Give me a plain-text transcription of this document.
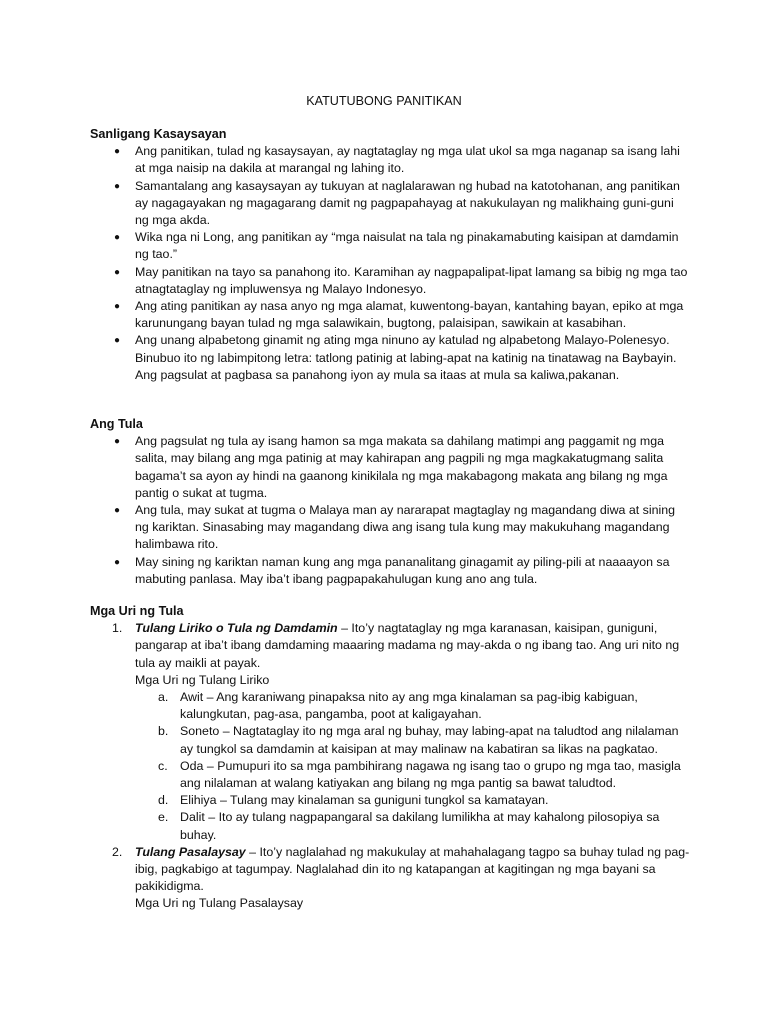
KATUTUBONG PANITIKAN
Sanligang Kasaysayan
● Ang panitikan, tulad ng kasaysayan, ay nagtataglay ng mga ulat ukol sa mga naganap sa isang lahi at mga naisip na dakila at marangal ng lahing ito.
● Samantalang ang kasaysayan ay tukuyan at naglalarawan ng hubad na katotohanan, ang panitikan ay nagagayakan ng magagarang damit ng pagpapahayag at nakukulayan ng malikhaing guni-guni ng mga akda.
● Wika nga ni Long, ang panitikan ay “mga naisulat na tala ng pinakamabuting kaisipan at damdamin ng tao.”
● May panitikan na tayo sa panahong ito. Karamihan ay nagpapalipat-lipat lamang sa bibig ng mga tao atnagtataglay ng impluwensya ng Malayo Indonesyo.
● Ang ating panitikan ay nasa anyo ng mga alamat, kuwentong-bayan, kantahing bayan, epiko at mga karunungang bayan tulad ng mga salawikain, bugtong, palaisipan, sawikain at kasabihan.
● Ang unang alpabetong ginamit ng ating mga ninuno ay katulad ng alpabetong Malayo-Polenesyo. Binubuo ito ng labimpitong letra: tatlong patinig at labing-apat na katinig na tinatawag na Baybayin. Ang pagsulat at pagbasa sa panahong iyon ay mula sa itaas at mula sa kaliwa,pakanan.
Ang Tula
● Ang pagsulat ng tula ay isang hamon sa mga makata sa dahilang matimpi ang paggamit ng mga salita, may bilang ang mga patinig at may kahirapan ang pagpili ng mga magkakatugmang salita bagama’t sa ayon ay hindi na gaanong kinikilala ng mga makabagong makata ang bilang ng mga pantig o sukat at tugma.
● Ang tula, may sukat at tugma o Malaya man ay nararapat magtaglay ng magandang diwa at sining ng kariktan. Sinasabing may magandang diwa ang isang tula kung may makukuhang magandang halimbawa rito.
● May sining ng kariktan naman kung ang mga pananalitang ginagamit ay piling-pili at naaaayon sa mabuting panlasa. May iba’t ibang pagpapakahulugan kung ano ang tula.
Mga Uri ng Tula
1. Tulang Liriko o Tula ng Damdamin – Ito’y nagtataglay ng mga karanasan, kaisipan, guniguni, pangarap at iba’t ibang damdaming maaaring madama ng may-akda o ng ibang tao. Ang uri nito ng tula ay maikli at payak.
Mga Uri ng Tulang Liriko
a. Awit – Ang karaniwang pinapaksa nito ay ang mga kinalaman sa pag-ibig kabiguan, kalungkutan, pag-asa, pangamba, poot at kaligayahan.
b. Soneto – Nagtataglay ito ng mga aral ng buhay, may labing-apat na taludtod ang nilalaman ay tungkol sa damdamin at kaisipan at may malinaw na kabatiran sa likas na pagkatao.
c. Oda – Pumupuri ito sa mga pambihirang nagawa ng isang tao o grupo ng mga tao, masigla ang nilalaman at walang katiyakan ang bilang ng mga pantig sa bawat taludtod.
d. Elihiya – Tulang may kinalaman sa guniguni tungkol sa kamatayan.
e. Dalit – Ito ay tulang nagpapangaral sa dakilang lumilikha at may kahalong pilosopiya sa buhay.
2. Tulang Pasalaysay – Ito’y naglalahad ng makukulay at mahahalagang tagpo sa buhay tulad ng pag-ibig, pagkabigo at tagumpay. Naglalahad din ito ng katapangan at kagitingan ng mga bayani sa pakikidigma.
Mga Uri ng Tulang Pasalaysay
